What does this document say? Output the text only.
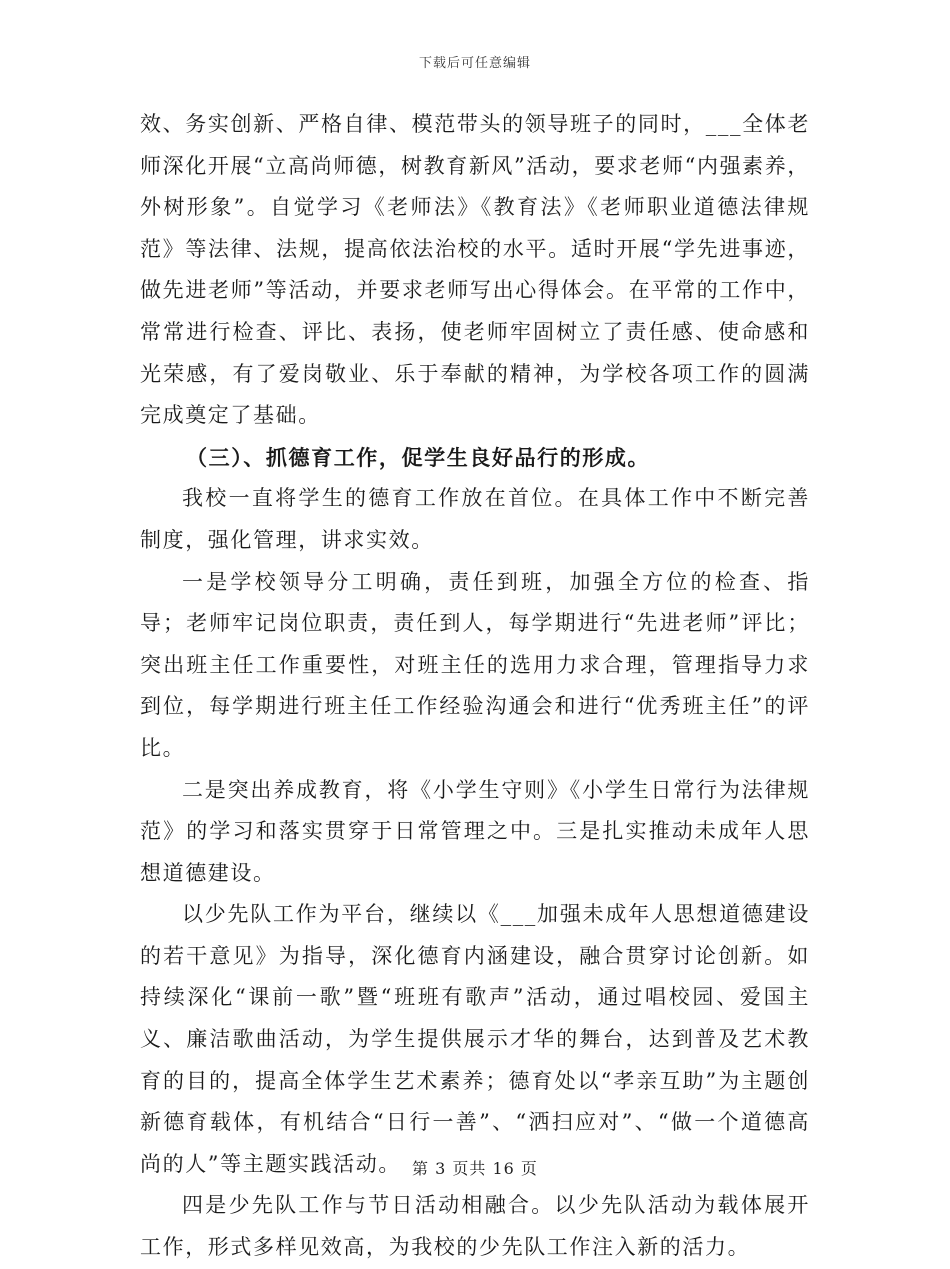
下载后可任意编辑

效、务实创新、严格自律、模范带头的领导班子的同时，___全体老师深化开展“立高尚师德，树教育新风”活动，要求老师“内强素养，外树形象”。自觉学习《老师法》《教育法》《老师职业道德法律规范》等法律、法规，提高依法治校的水平。适时开展“学先进事迹，做先进老师”等活动，并要求老师写出心得体会。在平常的工作中，常常进行检查、评比、表扬，使老师牢固树立了责任感、使命感和光荣感，有了爱岗敬业、乐于奉献的精神，为学校各项工作的圆满完成奠定了基础。

（三）、抓德育工作，促学生良好品行的形成。

我校一直将学生的德育工作放在首位。在具体工作中不断完善制度，强化管理，讲求实效。

一是学校领导分工明确，责任到班，加强全方位的检查、指导；老师牢记岗位职责，责任到人，每学期进行“先进老师”评比；突出班主任工作重要性，对班主任的选用力求合理，管理指导力求到位，每学期进行班主任工作经验沟通会和进行“优秀班主任”的评比。

二是突出养成教育，将《小学生守则》《小学生日常行为法律规范》的学习和落实贯穿于日常管理之中。三是扎实推动未成年人思想道德建设。

以少先队工作为平台，继续以《___加强未成年人思想道德建设的若干意见》为指导，深化德育内涵建设，融合贯穿讨论创新。如持续深化“课前一歌”暨“班班有歌声”活动，通过唱校园、爱国主义、廉洁歌曲活动，为学生提供展示才华的舞台，达到普及艺术教育的目的，提高全体学生艺术素养；德育处以“孝亲互助”为主题创新德育载体，有机结合“日行一善”、“洒扫应对”、“做一个道德高尚的人”等主题实践活动。

四是少先队工作与节日活动相融合。以少先队活动为载体展开工作，形式多样见效高，为我校的少先队工作注入新的活力。

第 3 页共 16 页
